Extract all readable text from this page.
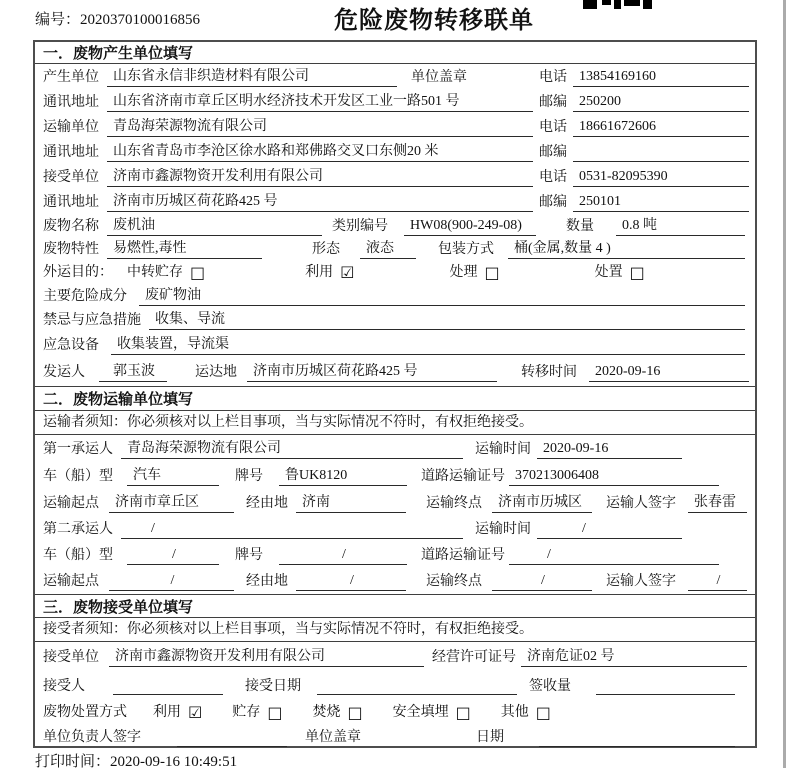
编号：2020370100016856	危险废物转移联单
一．废物产生单位填写
产生单位	山东省永信非织造材料有限公司	单位盖章	电话 13854169160
通讯地址	山东省济南市章丘区明水经济技术开发区工业一路501 号	邮编 250200
运输单位	青岛海荣源物流有限公司	电话 18661672606
通讯地址	山东省青岛市李沧区徐水路和郑佛路交叉口东侧20 米	邮编
接受单位	济南市鑫源物资开发利用有限公司	电话 0531-82095390
通讯地址	济南市历城区荷花路425 号	邮编 250101
废物名称	废机油	类别编号	HW08(900-249-08)	数量	0.8 吨
废物特性	易燃性,毒性	形态	液态	包装方式	桶(金属,数量 4 )
外运目的： 中转贮存 □	利用 ☑	处理 □	处置 □
主要危险成分	废矿物油
禁忌与应急措施	收集、导流
应急设备	收集装置，导流渠
发运人	郭玉波	运达地	济南市历城区荷花路425 号	转移时间	2020-09-16
二．废物运输单位填写
运输者须知：你必须核对以上栏目事项，当与实际情况不符时，有权拒绝接受。
第一承运人	青岛海荣源物流有限公司	运输时间 2020-09-16
车（船）型	汽车	牌号	鲁UK8120	道路运输证号 370213006408
运输起点	济南市章丘区	经由地	济南	运输终点	济南市历城区	运输人签字	张春雷
第二承运人	/	运输时间	/
车（船）型	/	牌号	/	道路运输证号	/
运输起点	/	经由地	/	运输终点	/	运输人签字	/
三．废物接受单位填写
接受者须知：你必须核对以上栏目事项，当与实际情况不符时，有权拒绝接受。
接受单位	济南市鑫源物资开发利用有限公司	经营许可证号 济南危证02 号
接受人	接受日期	签收量
废物处置方式 利用 ☑ 贮存 □ 焚烧 □ 安全填埋 □ 其他 □
单位负责人签字	单位盖章	日期
打印时间：2020-09-16 10:49:51
